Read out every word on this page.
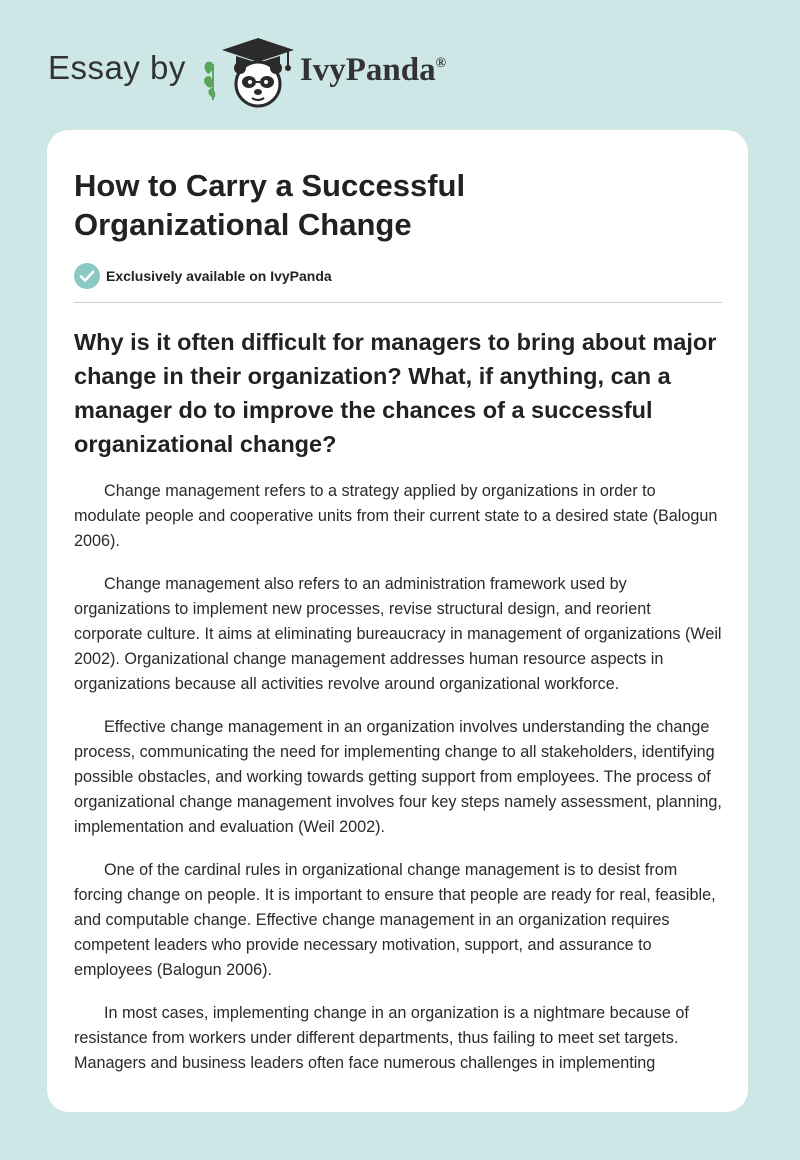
Essay by	IvyPanda®
How to Carry a Successful Organizational Change
Exclusively available on IvyPanda
Why is it often difficult for managers to bring about major change in their organization? What, if anything, can a manager do to improve the chances of a successful organizational change?

Change management refers to a strategy applied by organizations in order to modulate people and cooperative units from their current state to a desired state (Balogun 2006).

Change management also refers to an administration framework used by organizations to implement new processes, revise structural design, and reorient corporate culture. It aims at eliminating bureaucracy in management of organizations (Weil 2002). Organizational change management addresses human resource aspects in organizations because all activities revolve around organizational workforce.

Effective change management in an organization involves understanding the change process, communicating the need for implementing change to all stakeholders, identifying possible obstacles, and working towards getting support from employees. The process of organizational change management involves four key steps namely assessment, planning, implementation and evaluation (Weil 2002).

One of the cardinal rules in organizational change management is to desist from forcing change on people. It is important to ensure that people are ready for real, feasible, and computable change. Effective change management in an organization requires competent leaders who provide necessary motivation, support, and assurance to employees (Balogun 2006).

In most cases, implementing change in an organization is a nightmare because of resistance from workers under different departments, thus failing to meet set targets. Managers and business leaders often face numerous challenges in implementing
